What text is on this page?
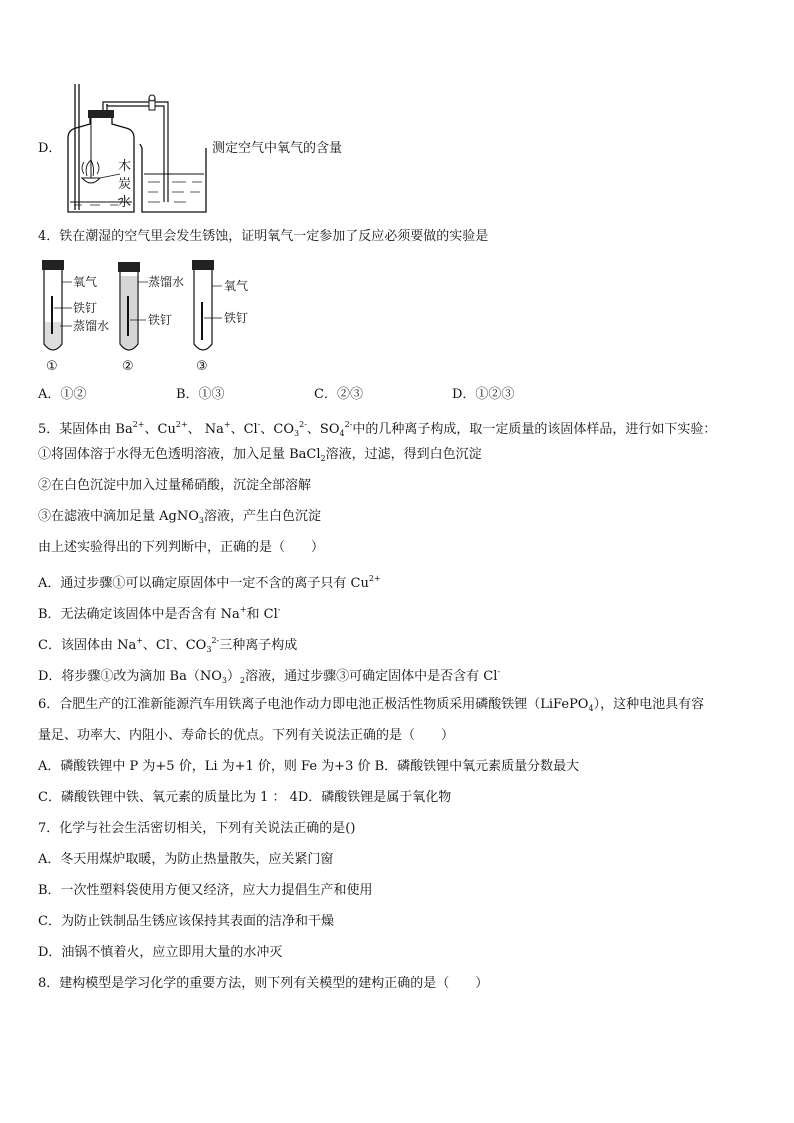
D．
木
炭
水
测定空气中氧气的含量
4．铁在潮湿的空气里会发生锈蚀，证明氧气一定参加了反应必须要做的实验是
氧气
铁钉
蒸馏水
①
蒸馏水
铁钉
②
氧气
铁钉
③
A．①②	B．①③	C．②③	D．①②③
5．某固体由 $Ba^{2+}$、$Cu^{2+}$、 Na+、Cl-、$CO_3^{2-}$、$SO_4^{2-}$中的几种离子构成，取一定质量的该固体样品，进行如下实验：
①将固体溶于水得无色透明溶液，加入足量 BaCl$_2$溶液，过滤，得到白色沉淀
②在白色沉淀中加入过量稀硝酸，沉淀全部溶解
③在滤液中滴加足量 AgNO$_3$溶液，产生白色沉淀
由上述实验得出的下列判断中，正确的是（　　）
A．通过步骤①可以确定原固体中一定不含的离子只有 $Cu^{2+}$
B．无法确定该固体中是否含有 Na+和 Cl-
C．该固体由 Na+、Cl-、$CO_3^{2-}$三种离子构成
D．将步骤①改为滴加 $Ba(NO_3)_2$溶液，通过步骤③可确定固体中是否含有 Cl-
6．合肥生产的江淮新能源汽车用铁离子电池作动力即电池正极活性物质采用磷酸铁锂（LiFePO$_4$），这种电池具有容
量足、功率大、内阻小、寿命长的优点。下列有关说法正确的是（　　）
A．磷酸铁锂中 P 为+5 价，Li 为+1 价，则 Fe 为+3 价 B．磷酸铁锂中氧元素质量分数最大
C．磷酸铁锂中铁、氧元素的质量比为 1 ： 4D．磷酸铁锂是属于氧化物
7．化学与社会生活密切相关，下列有关说法正确的是()
A．冬天用煤炉取暖，为防止热量散失，应关紧门窗
B．一次性塑料袋使用方便又经济，应大力提倡生产和使用
C．为防止铁制品生锈应该保持其表面的洁净和干燥
D．油锅不慎着火，应立即用大量的水冲灭
8．建构模型是学习化学的重要方法，则下列有关模型的建构正确的是（　　）
